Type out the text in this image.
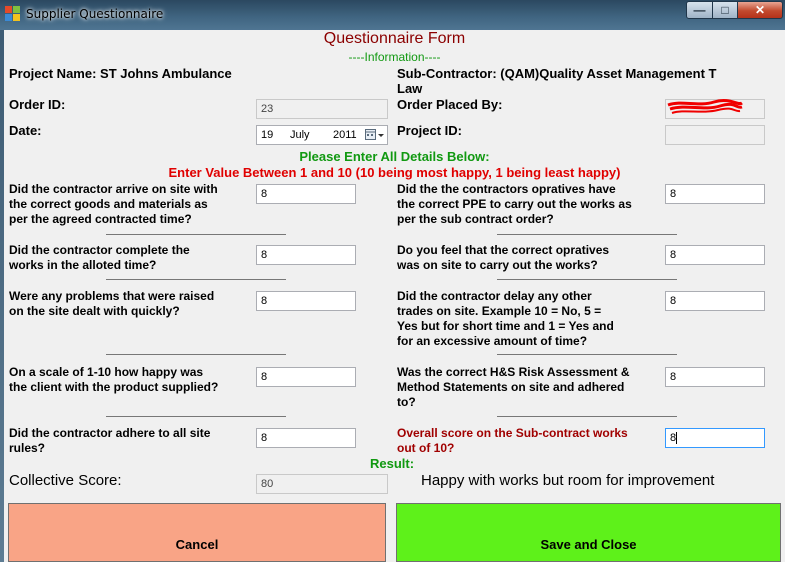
Supplier Questionnaire	—	□	✕
Questionnaire Form
----Information----
Project Name: ST Johns Ambulance	Sub-Contractor: (QAM)Quality Asset Management T
Law
Order ID:	23	Order Placed By:
Date:	19 July 2011	Project ID:
Please Enter All Details Below:
Enter Value Between 1 and 10 (10 being most happy, 1 being least happy)
Did the contractor arrive on site with
the correct goods and materials as
per the agreed contracted time?
8
Did the contractor complete the
works in the alloted time?
8
Were any problems that were raised
on the site dealt with quickly?
8
On a scale of 1-10 how happy was
the client with the product supplied?
8
Did the contractor adhere to all site
rules?
8
Did the the contractors opratives have
the correct PPE to carry out the works as
per the sub contract order?
8
Do you feel that the correct opratives
was on site to carry out the works?
8
Did the contractor delay any other
trades on site. Example 10 = No, 5 =
Yes but for short time and 1 = Yes and
for an excessive amount of time?
8
Was the correct H&S Risk Assessment &
Method Statements on site and adhered
to?
8
Overall score on the Sub-contract works
out of 10?
8
Result:
Collective Score:	80	Happy with works but room for improvement
Cancel	Save and Close
